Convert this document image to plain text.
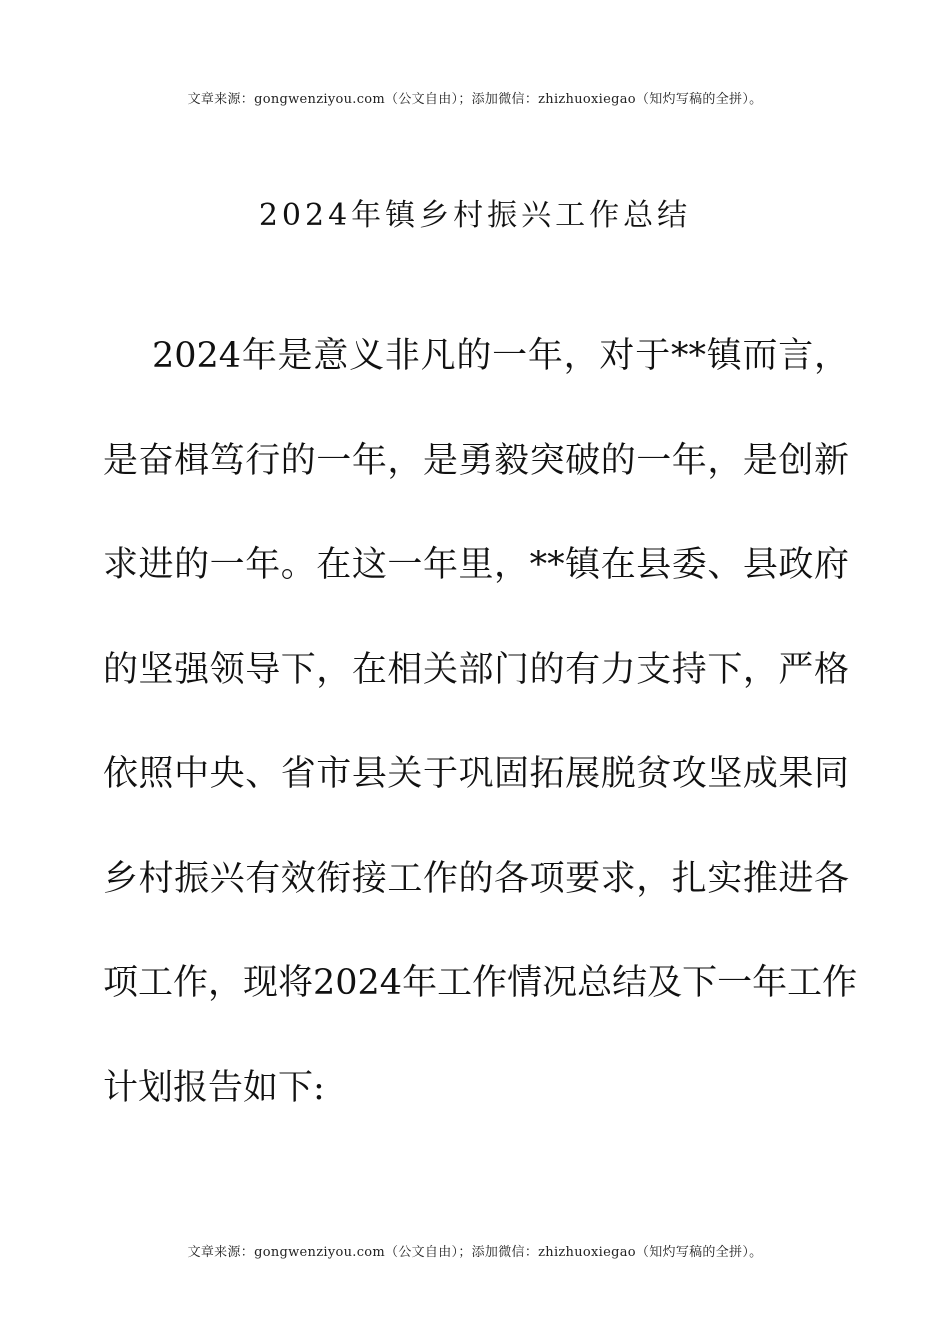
文章来源：gongwenziyou.com（公文自由）；添加微信：zhizhuoxiegao（知灼写稿的全拼）。
2024年镇乡村振兴工作总结
2024年是意义非凡的一年，对于**镇而言，
是奋楫笃行的一年，是勇毅突破的一年，是创新
求进的一年。在这一年里，**镇在县委、县政府
的坚强领导下，在相关部门的有力支持下，严格
依照中央、省市县关于巩固拓展脱贫攻坚成果同
乡村振兴有效衔接工作的各项要求，扎实推进各
项工作，现将2024年工作情况总结及下一年工作
计划报告如下:
文章来源：gongwenziyou.com（公文自由）；添加微信：zhizhuoxiegao（知灼写稿的全拼）。
